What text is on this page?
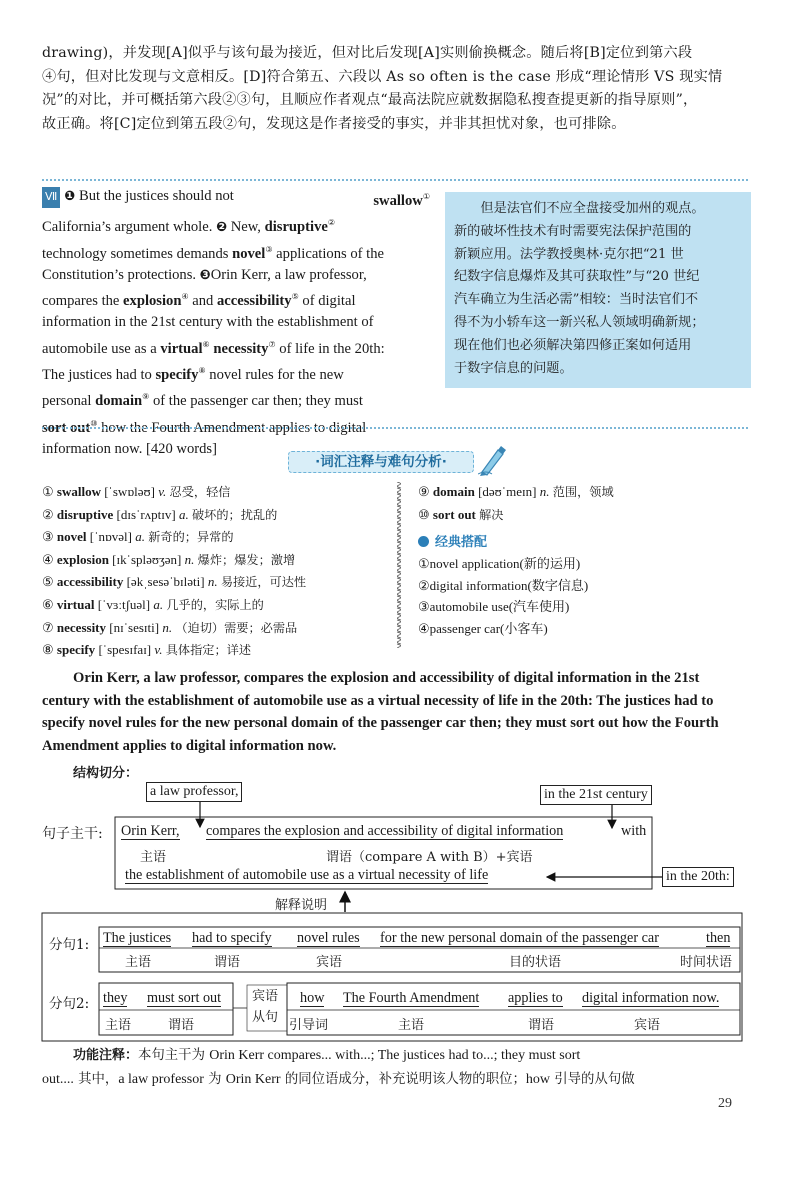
drawing)，并发现[A]似乎与该句最为接近，但对比后发现[A]实则偷换概念。随后将[B]定位到第六段
④句，但对比发现与文意相反。[D]符合第五、六段以 As so often is the case 形成“理论情形 VS 现实情
况”的对比，并可概括第六段②③句，且顺应作者观点“最高法院应就数据隐私搜查提更新的指导原则”，
故正确。将[C]定位到第五段②句，发现这是作者接受的事实，并非其担忧对象，也可排除。
Ⅶ ❶ But the justices should not	swallow①
California’s argument whole. ❷ New, disruptive②
technology sometimes demands novel③ applications of the
Constitution’s protections. ❸Orin Kerr, a law professor,
compares the explosion④ and accessibility⑤ of digital
information in the 21st century with the establishment of
automobile use as a virtual⑥ necessity⑦ of life in the 20th:
The justices had to specify⑧ novel rules for the new
personal domain⑨ of the passenger car then; they must
sort out⑩ how the Fourth Amendment applies to digital
information now. [420 words]

但是法官们不应全盘接受加州的观点。

新的破坏性技术有时需要宪法保护范围的

新颖应用。法学教授奥林·克尔把“21 世

纪数字信息爆炸及其可获取性”与“20 世纪

汽车确立为生活必需”相较：当时法官们不

得不为小轿车这一新兴私人领域明确新规；

现在他们也必须解决第四修正案如何适用

于数字信息的问题。

·词汇注释与难句分析·
① swallow [ˈswɒləʊ] v. 忍受，轻信
② disruptive [dɪsˈrʌptɪv] a. 破坏的；扰乱的
③ novel [ˈnɒvəl] a. 新奇的；异常的
④ explosion [ɪkˈspləʊʒən] n. 爆炸；爆发；激增
⑤ accessibility [əkˌsesəˈbɪləti] n. 易接近，可达性
⑥ virtual [ˈvɜːtʃuəl] a. 几乎的，实际上的
⑦ necessity [nɪˈsesɪti] n. （迫切）需要；必需品
⑧ specify [ˈspesɪfaɪ] v. 具体指定；详述
⑨ domain [dəʊˈmeɪn] n. 范围，领域
⑩ sort out 解决
经典搭配
①novel application(新的运用)
②digital information(数字信息)
③automobile use(汽车使用)
④passenger car(小客车)
Orin Kerr, a law professor, compares the explosion and accessibility of digital information in the 21st
century with the establishment of automobile use as a virtual necessity of life in the 20th: The justices had to
specify novel rules for the new personal domain of the passenger car then; they must sort out how the Fourth
Amendment applies to digital information now.
结构切分：
a law professor,	in the 21st century
句子主干: Orin Kerr, compares the explosion and accessibility of digital information	with
主语	谓语（compare A with B）+宾语
the establishment of automobile use as a virtual necessity of life	in the 20th:
解释说明
分句1: The justices had to specify novel rules for the new personal domain of the passenger car	then
主语	谓语	宾语	目的状语	时间状语
分句2: they must sort out 宾语
从句
how The Fourth Amendment applies to digital information now.
主语	谓语	引导词	主语	谓语	宾语
功能注释：本句主干为 Orin Kerr compares... with...; The justices had to...; they must sort
out.... 其中，a law professor 为 Orin Kerr 的同位语成分，补充说明该人物的职位；how 引导的从句做
29
